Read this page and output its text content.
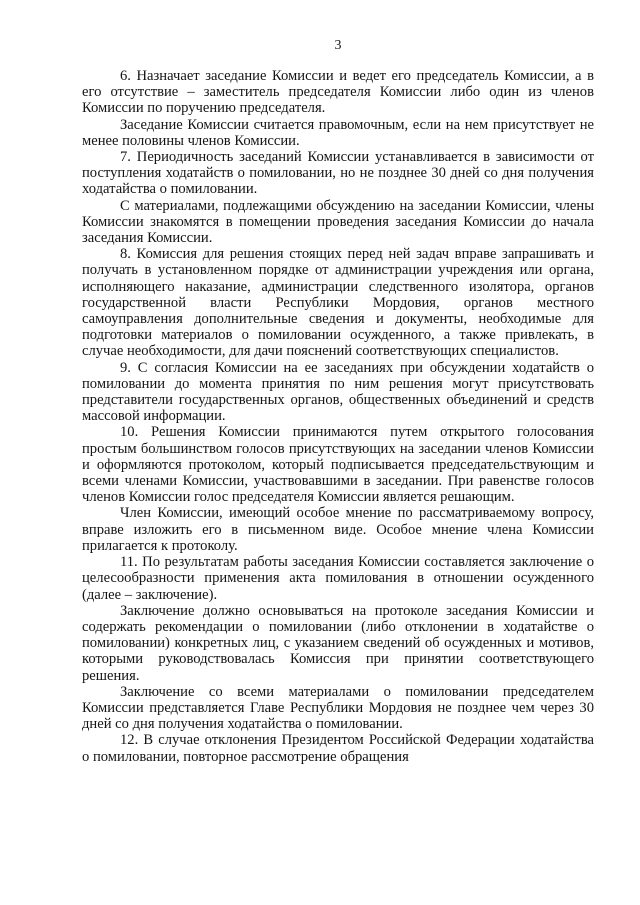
3

6. Назначает заседание Комиссии и ведет его председатель Комиссии, а в его отсутствие – заместитель председателя Комиссии либо один из членов Комиссии по поручению председателя.

Заседание Комиссии считается правомочным, если на нем присутствует не менее половины членов Комиссии.

7. Периодичность заседаний Комиссии устанавливается в зависимости от поступления ходатайств о помиловании, но не позднее 30 дней со дня получения ходатайства о помиловании.

С материалами, подлежащими обсуждению на заседании Комиссии, члены Комиссии знакомятся в помещении проведения заседания Комиссии до начала заседания Комиссии.

8. Комиссия для решения стоящих перед ней задач вправе запрашивать и получать в установленном порядке от администрации учреждения или органа, исполняющего наказание, администрации следственного изолятора, органов государственной власти Республики Мордовия, органов местного самоуправления дополнительные сведения и документы, необходимые для подготовки материалов о помиловании осужденного, а также привлекать, в случае необходимости, для дачи пояснений соответствующих специалистов.

9. С согласия Комиссии на ее заседаниях при обсуждении ходатайств о помиловании до момента принятия по ним решения могут присутствовать представители государственных органов, общественных объединений и средств массовой информации.

10. Решения Комиссии принимаются путем открытого голосования простым большинством голосов присутствующих на заседании членов Комиссии и оформляются протоколом, который подписывается председательствующим и всеми членами Комиссии, участвовавшими в заседании. При равенстве голосов членов Комиссии голос председателя Комиссии является решающим.

Член Комиссии, имеющий особое мнение по рассматриваемому вопросу, вправе изложить его в письменном виде. Особое мнение члена Комиссии прилагается к протоколу.

11. По результатам работы заседания Комиссии составляется заключение о целесообразности применения акта помилования в отношении осужденного (далее – заключение).

Заключение должно основываться на протоколе заседания Комиссии и содержать рекомендации о помиловании (либо отклонении в ходатайстве о помиловании) конкретных лиц, с указанием сведений об осужденных и мотивов, которыми руководствовалась Комиссия при принятии соответствующего решения.

Заключение со всеми материалами о помиловании председателем Комиссии представляется Главе Республики Мордовия не позднее чем через 30 дней со дня получения ходатайства о помиловании.

12. В случае отклонения Президентом Российской Федерации ходатайства о помиловании, повторное рассмотрение обращения
